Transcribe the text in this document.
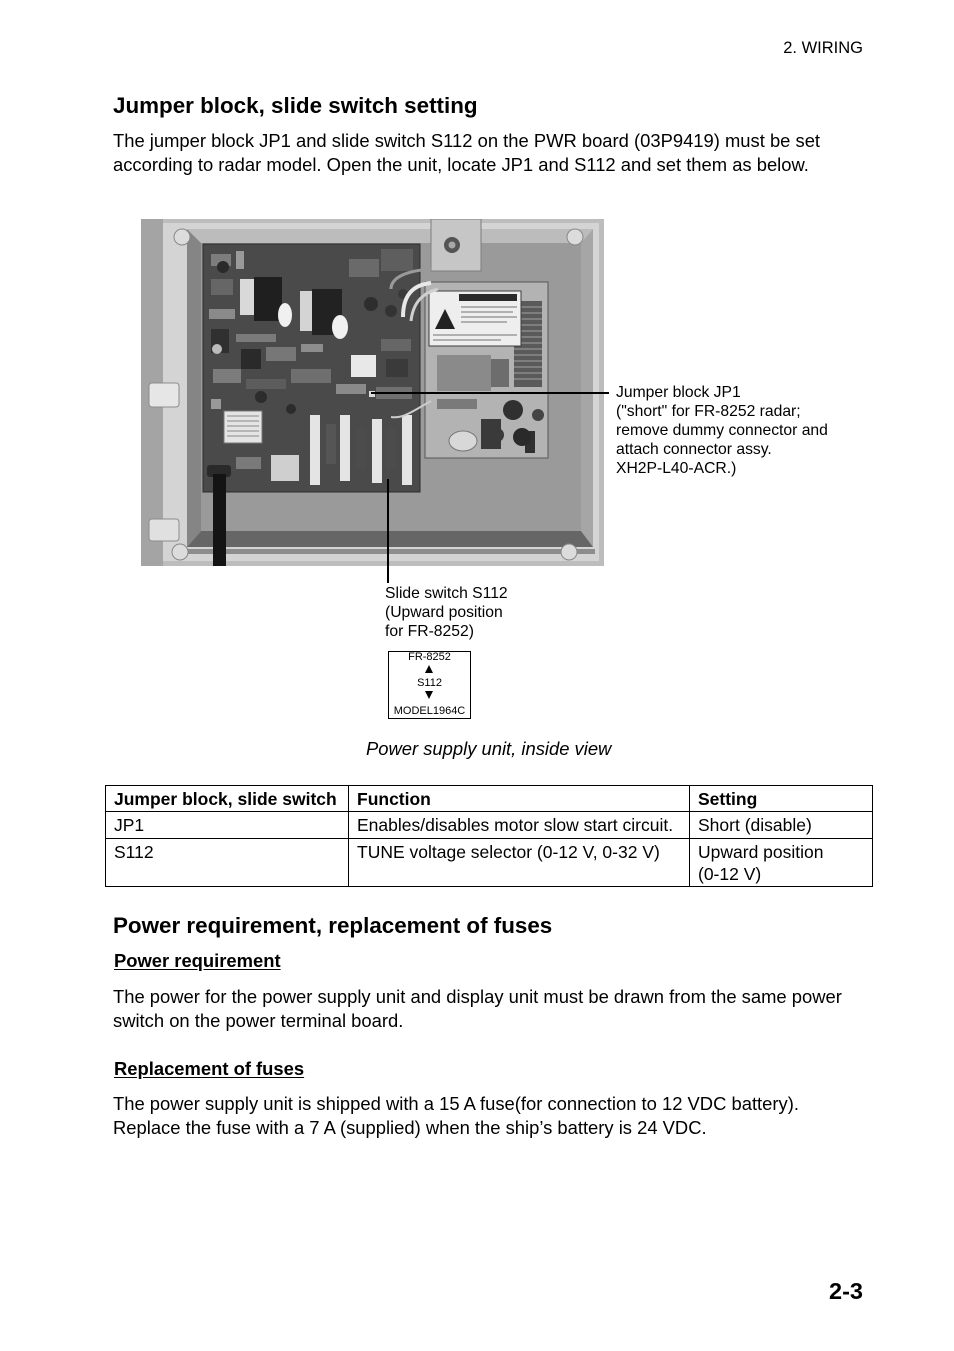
2. WIRING
Jumper block, slide switch setting
The jumper block JP1 and slide switch S112 on the PWR board (03P9419) must be set
according to radar model. Open the unit, locate JP1 and S112 and set them as below.
Jumper block JP1
("short" for FR-8252 radar;
remove dummy connector and
attach connector assy.
XH2P-L40-ACR.)
Slide switch S112
(Upward position
for FR-8252)
FR-8252
S112
MODEL1964C
Power supply unit, inside view
Jumper block, slide switch	Function	Setting
JP1	Enables/disables motor slow start circuit.	Short (disable)

S112	TUNE voltage selector (0-12 V, 0-32 V)	Upward position
(0-12 V)
Power requirement, replacement of fuses
Power requirement
The power for the power supply unit and display unit must be drawn from the same power
switch on the power terminal board.
Replacement of fuses
The power supply unit is shipped with a 15 A fuse(for connection to 12 VDC battery).
Replace the fuse with a 7 A (supplied) when the ship’s battery is 24 VDC.
2-3
